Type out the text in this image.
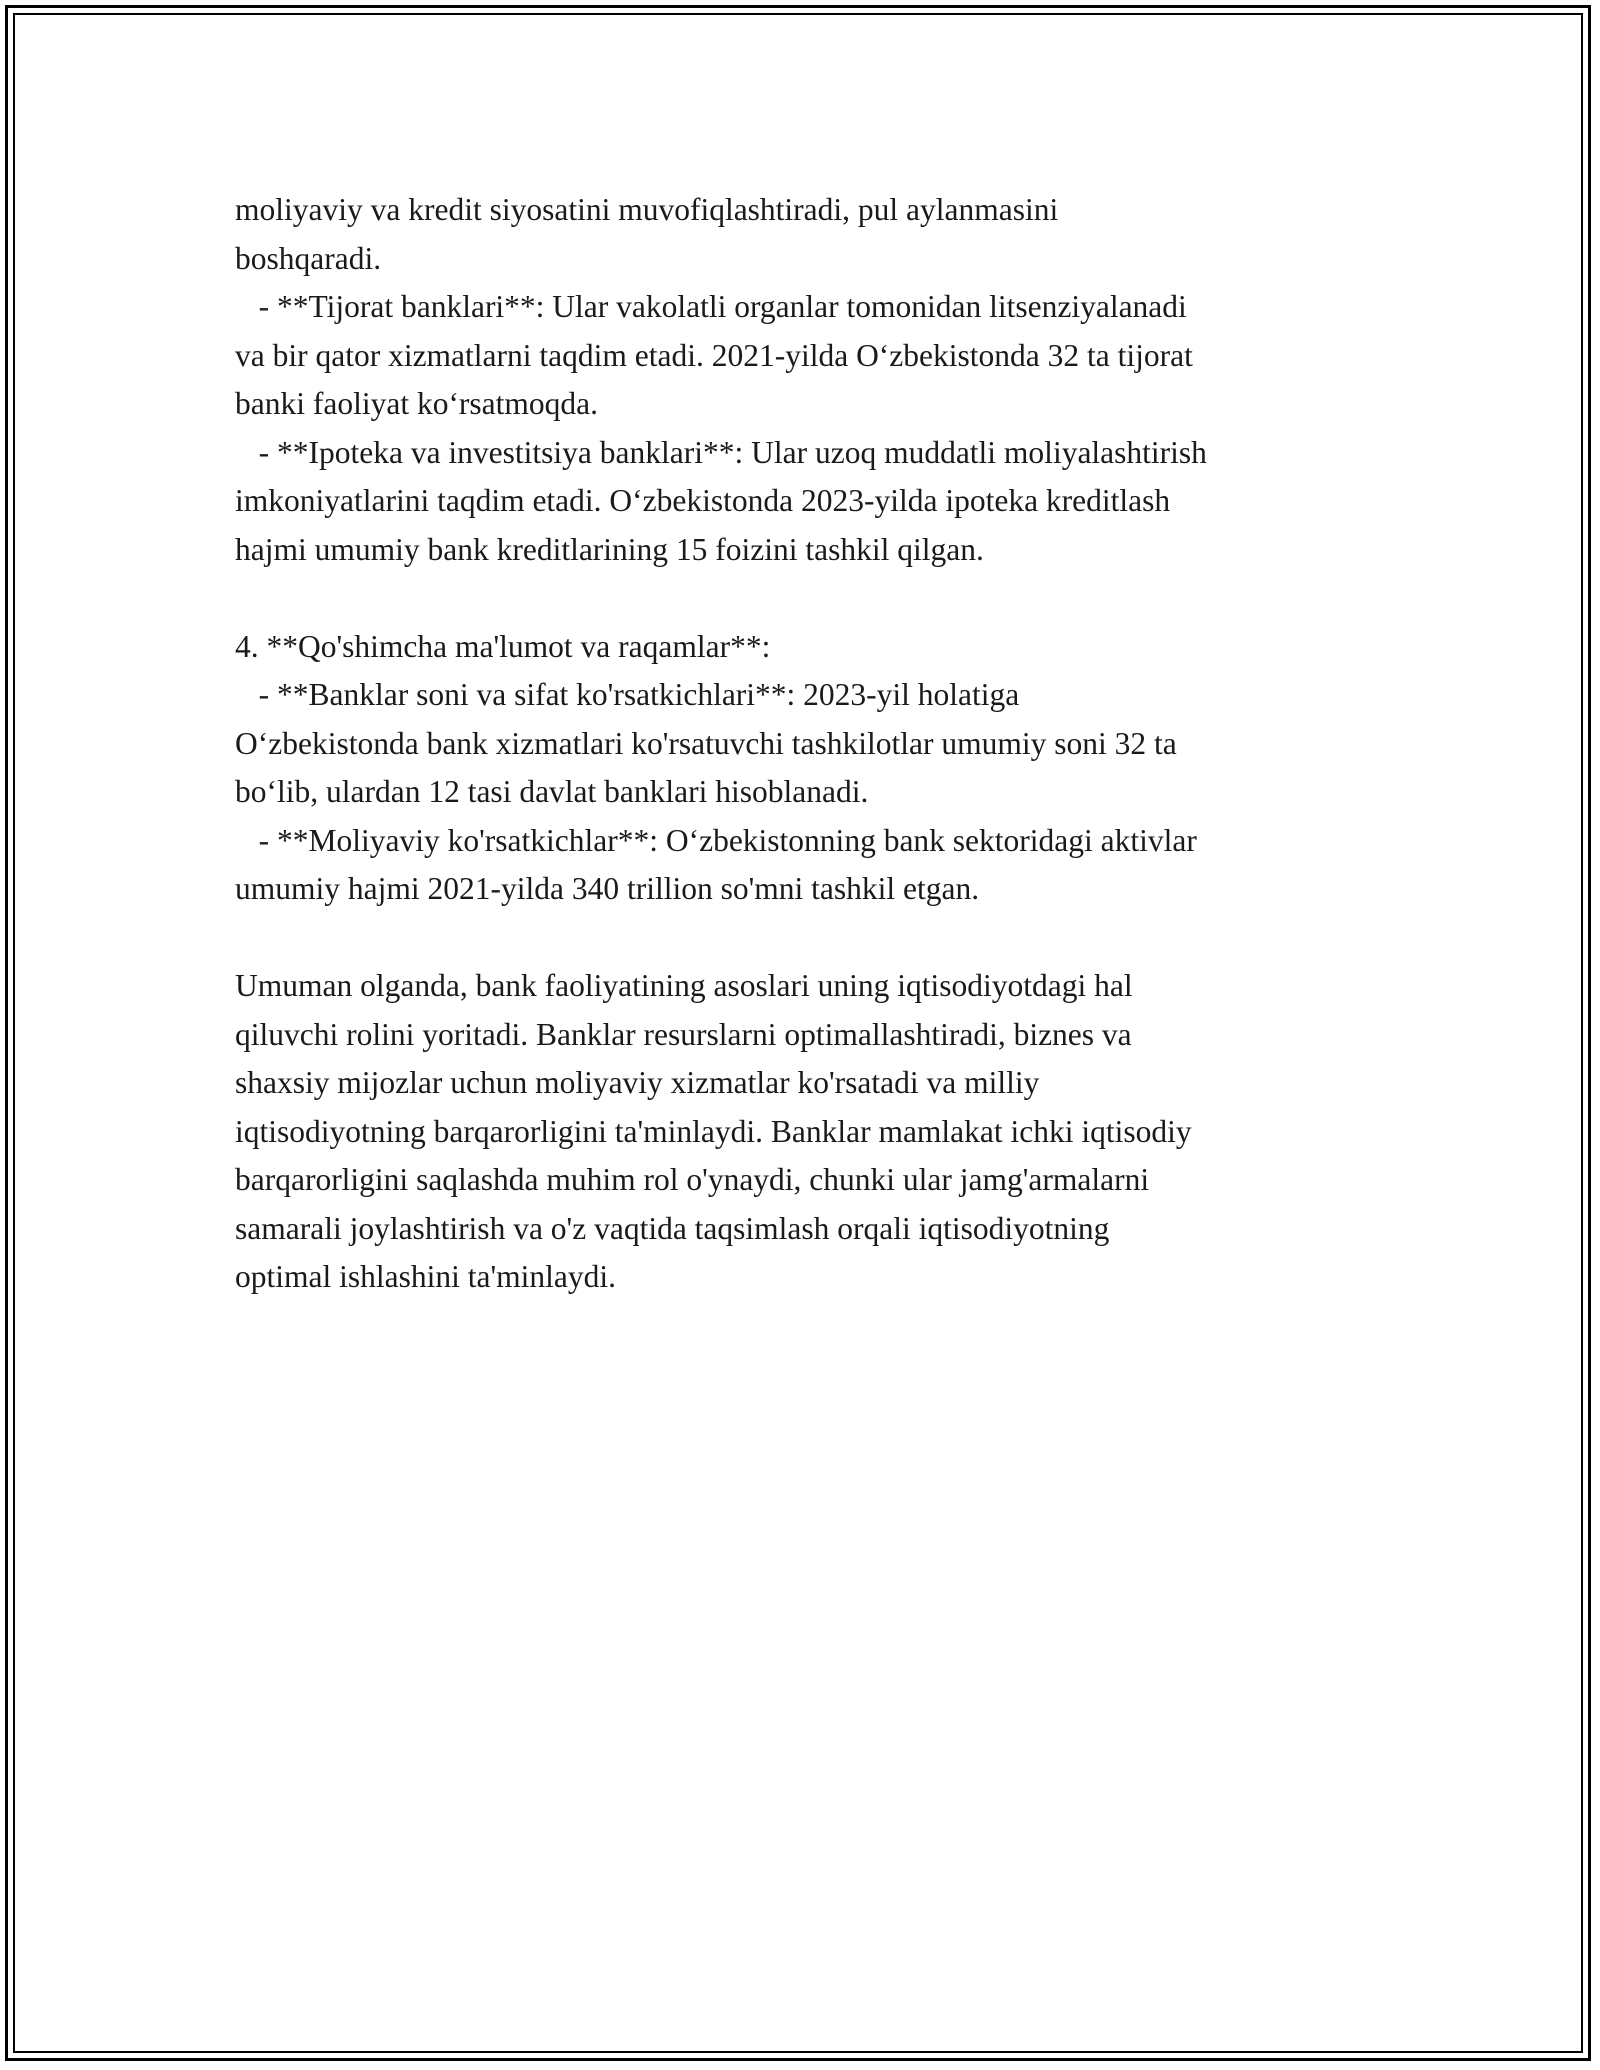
moliyaviy va kredit siyosatini muvofiqlashtiradi, pul aylanmasini
boshqaradi.
- **Tijorat banklari**: Ular vakolatli organlar tomonidan litsenziyalanadi
va bir qator xizmatlarni taqdim etadi. 2021-yilda O‘zbekistonda 32 ta tijorat
banki faoliyat ko‘rsatmoqda.
- **Ipoteka va investitsiya banklari**: Ular uzoq muddatli moliyalashtirish
imkoniyatlarini taqdim etadi. O‘zbekistonda 2023-yilda ipoteka kreditlash
hajmi umumiy bank kreditlarining 15 foizini tashkil qilgan.
4. **Qo'shimcha ma'lumot va raqamlar**:
- **Banklar soni va sifat ko'rsatkichlari**: 2023-yil holatiga
O‘zbekistonda bank xizmatlari ko'rsatuvchi tashkilotlar umumiy soni 32 ta
bo‘lib, ulardan 12 tasi davlat banklari hisoblanadi.
- **Moliyaviy ko'rsatkichlar**: O‘zbekistonning bank sektoridagi aktivlar
umumiy hajmi 2021-yilda 340 trillion so'mni tashkil etgan.
Umuman olganda, bank faoliyatining asoslari uning iqtisodiyotdagi hal
qiluvchi rolini yoritadi. Banklar resurslarni optimallashtiradi, biznes va
shaxsiy mijozlar uchun moliyaviy xizmatlar ko'rsatadi va milliy
iqtisodiyotning barqarorligini ta'minlaydi. Banklar mamlakat ichki iqtisodiy
barqarorligini saqlashda muhim rol o'ynaydi, chunki ular jamg'armalarni
samarali joylashtirish va o'z vaqtida taqsimlash orqali iqtisodiyotning
optimal ishlashini ta'minlaydi.
